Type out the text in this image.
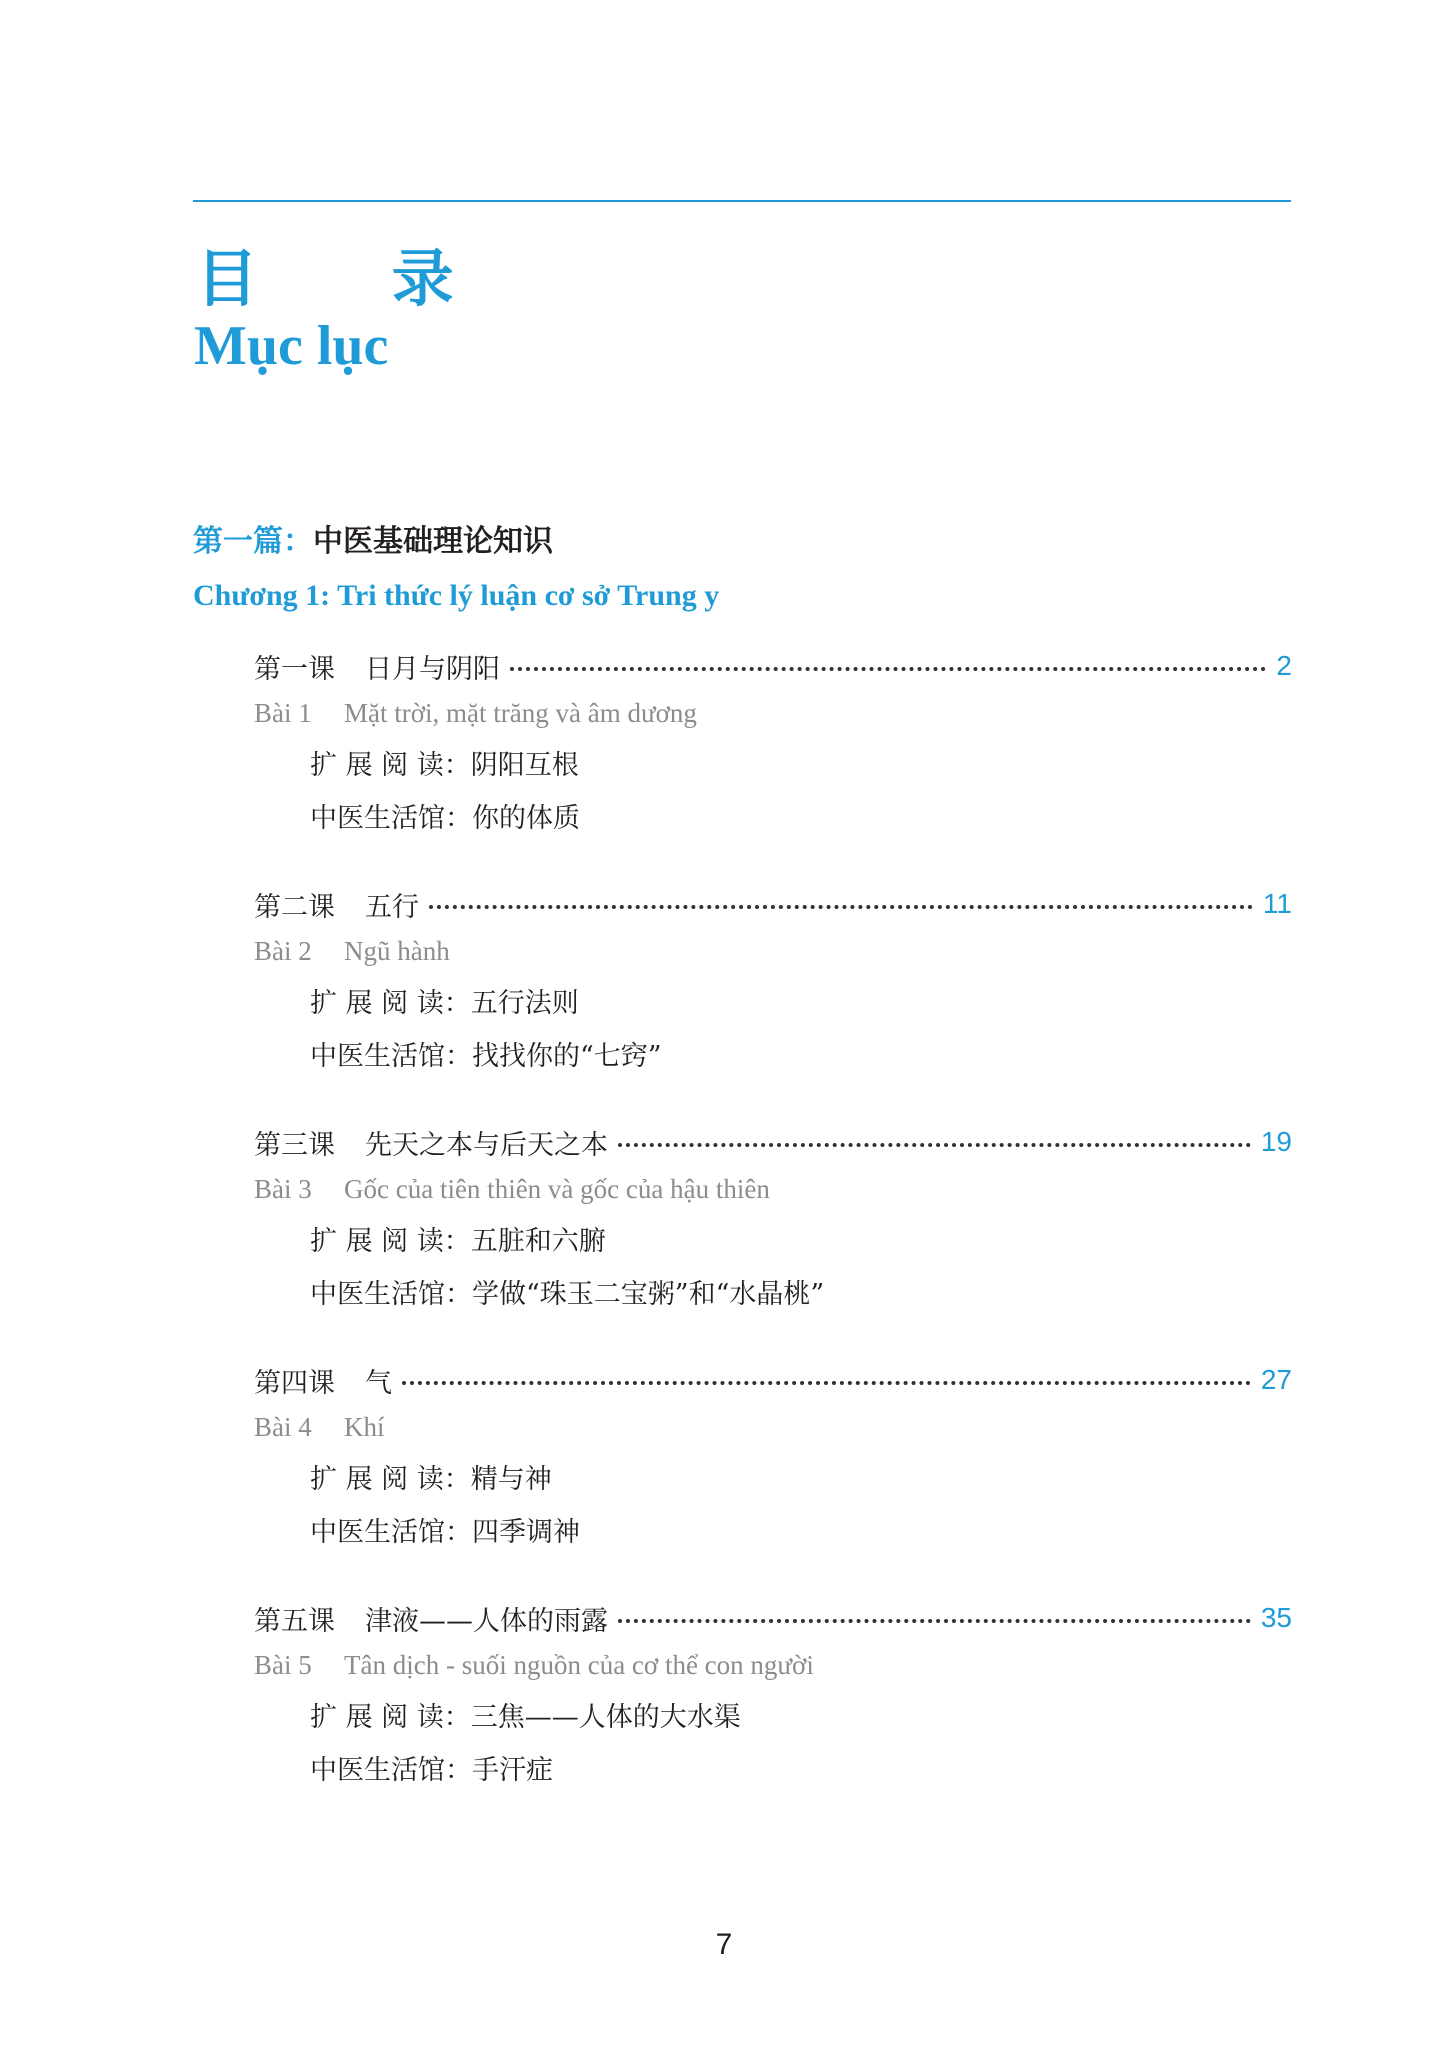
目 录
Mục lục
第一篇：中医基础理论知识
Chương 1: Tri thức lý luận cơ sở Trung y
第一课 日月与阴阳	2
Bài 1 Mặt trời, mặt trăng và âm dương
扩 展 阅 读：阴阳互根
中医生活馆：你的体质
第二课 五行	11
Bài 2 Ngũ hành
扩 展 阅 读：五行法则
中医生活馆：找找你的“七窍”
第三课 先天之本与后天之本	19
Bài 3 Gốc của tiên thiên và gốc của hậu thiên
扩 展 阅 读：五脏和六腑
中医生活馆：学做“珠玉二宝粥”和“水晶桃”
第四课 气	27
Bài 4 Khí
扩 展 阅 读：精与神
中医生活馆：四季调神
第五课 津液——人体的雨露	35
Bài 5 Tân dịch - suối nguồn của cơ thể con người
扩 展 阅 读：三焦——人体的大水渠
中医生活馆：手汗症
7
